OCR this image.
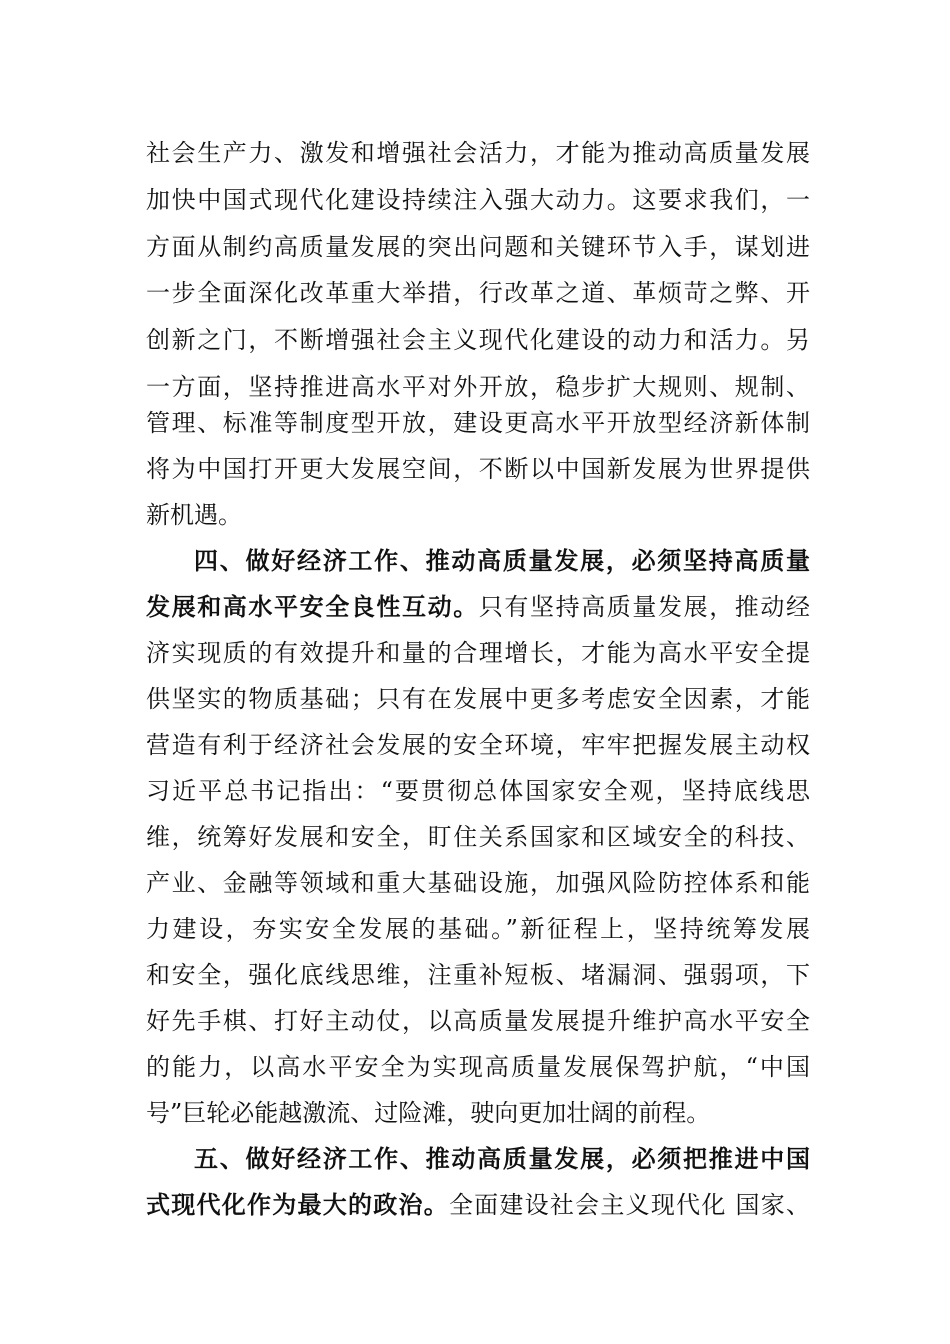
社会生产力、激发和增强社会活力，才能为推动高质量发展
加快中国式现代化建设持续注入强大动力。这要求我们，一
方面从制约高质量发展的突出问题和关键环节入手，谋划进
一步全面深化改革重大举措，行改革之道、革烦苛之弊、开
创新之门，不断增强社会主义现代化建设的动力和活力。另
一方面，坚持推进高水平对外开放，稳步扩大规则、规制、
管理、标准等制度型开放，建设更高水平开放型经济新体制
将为中国打开更大发展空间，不断以中国新发展为世界提供
新机遇。
四、做好经济工作、推动高质量发展，必须坚持高质量
发展和高水平安全良性互动。只有坚持高质量发展，推动经
济实现质的有效提升和量的合理增长，才能为高水平安全提
供坚实的物质基础；只有在发展中更多考虑安全因素，才能
营造有利于经济社会发展的安全环境，牢牢把握发展主动权
习近平总书记指出：“要贯彻总体国家安全观，坚持底线思
维，统筹好发展和安全，盯住关系国家和区域安全的科技、
产业、金融等领域和重大基础设施，加强风险防控体系和能
力建设，夯实安全发展的基础。”新征程上，坚持统筹发展
和安全，强化底线思维，注重补短板、堵漏洞、强弱项，下
好先手棋、打好主动仗，以高质量发展提升维护高水平安全
的能力，以高水平安全为实现高质量发展保驾护航，“中国
号”巨轮必能越激流、过险滩，驶向更加壮阔的前程。
五、做好经济工作、推动高质量发展，必须把推进中国
式现代化作为最大的政治。全面建设社会主义现代化 国家、
